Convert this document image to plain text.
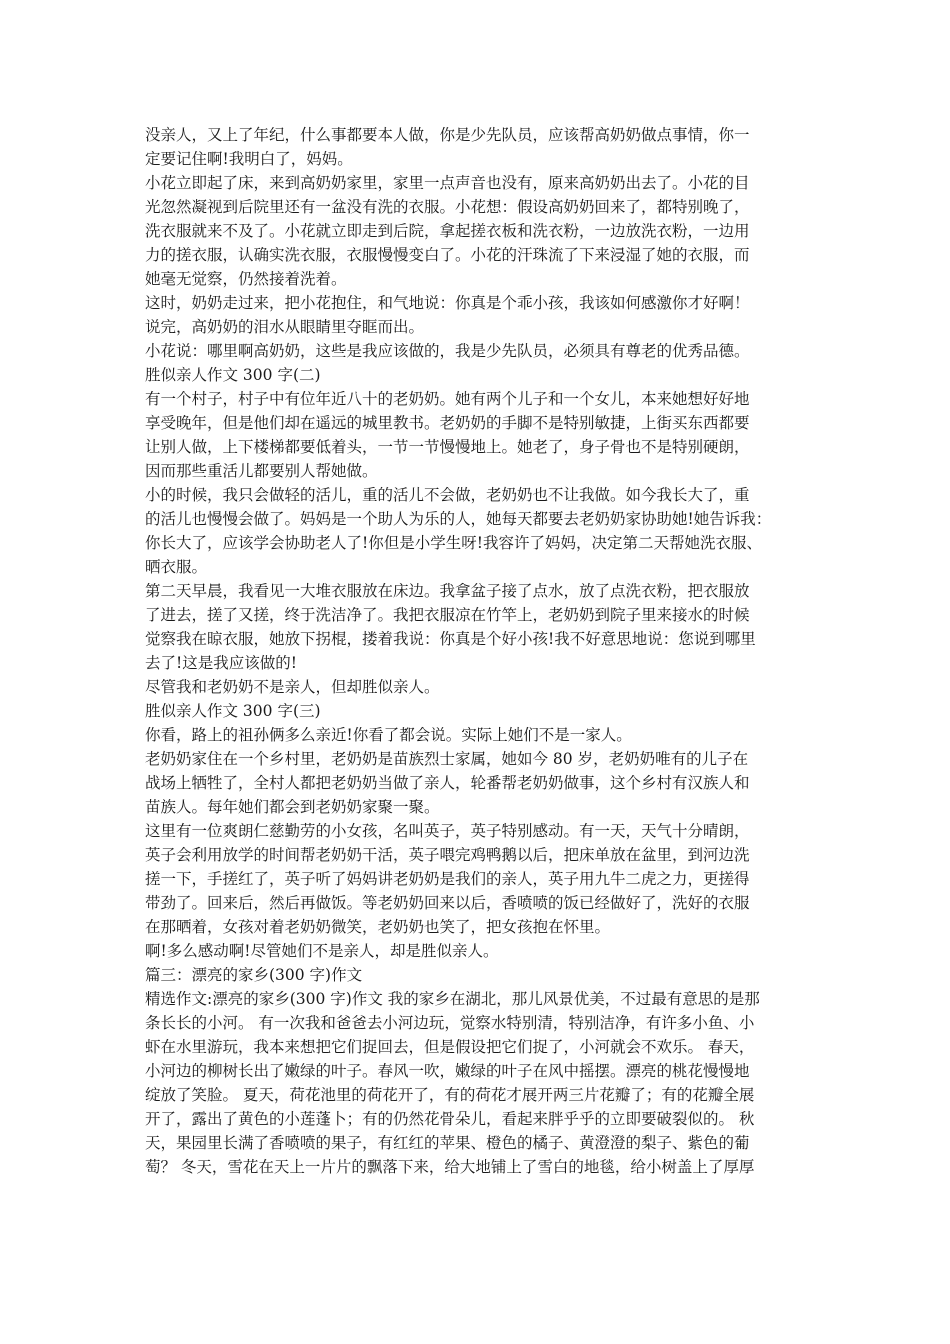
没亲人，又上了年纪，什么事都要本人做，你是少先队员，应该帮高奶奶做点事情，你一
定要记住啊!我明白了，妈妈。
小花立即起了床，来到高奶奶家里，家里一点声音也没有，原来高奶奶出去了。小花的目
光忽然凝视到后院里还有一盆没有洗的衣服。小花想：假设高奶奶回来了，都特别晚了，
洗衣服就来不及了。小花就立即走到后院，拿起搓衣板和洗衣粉，一边放洗衣粉，一边用
力的搓衣服，认确实洗衣服，衣服慢慢变白了。小花的汗珠流了下来浸湿了她的衣服，而
她毫无觉察，仍然接着洗着。
这时，奶奶走过来，把小花抱住，和气地说：你真是个乖小孩，我该如何感激你才好啊！
说完，高奶奶的泪水从眼睛里夺眶而出。
小花说：哪里啊高奶奶，这些是我应该做的，我是少先队员，必须具有尊老的优秀品德。
胜似亲人作文 300 字(二)
有一个村子，村子中有位年近八十的老奶奶。她有两个儿子和一个女儿，本来她想好好地
享受晚年，但是他们却在遥远的城里教书。老奶奶的手脚不是特别敏捷，上街买东西都要
让别人做，上下楼梯都要低着头，一节一节慢慢地上。她老了，身子骨也不是特别硬朗，
因而那些重活儿都要别人帮她做。
小的时候，我只会做轻的活儿，重的活儿不会做，老奶奶也不让我做。如今我长大了，重
的活儿也慢慢会做了。妈妈是一个助人为乐的人，她每天都要去老奶奶家协助她!她告诉我：
你长大了，应该学会协助老人了!你但是小学生呀!我容许了妈妈，决定第二天帮她洗衣服、
晒衣服。
第二天早晨，我看见一大堆衣服放在床边。我拿盆子接了点水，放了点洗衣粉，把衣服放
了进去，搓了又搓，终于洗洁净了。我把衣服凉在竹竿上，老奶奶到院子里来接水的时候
觉察我在晾衣服，她放下拐棍，搂着我说：你真是个好小孩!我不好意思地说：您说到哪里
去了!这是我应该做的!
尽管我和老奶奶不是亲人，但却胜似亲人。
胜似亲人作文 300 字(三)
你看，路上的祖孙俩多么亲近!你看了都会说。实际上她们不是一家人。
老奶奶家住在一个乡村里，老奶奶是苗族烈士家属，她如今 80 岁，老奶奶唯有的儿子在
战场上牺牲了，全村人都把老奶奶当做了亲人，轮番帮老奶奶做事，这个乡村有汉族人和
苗族人。每年她们都会到老奶奶家聚一聚。
这里有一位爽朗仁慈勤劳的小女孩，名叫英子，英子特别感动。有一天，天气十分晴朗，
英子会利用放学的时间帮老奶奶干活，英子喂完鸡鸭鹅以后，把床单放在盆里，到河边洗
搓一下，手搓红了，英子听了妈妈讲老奶奶是我们的亲人，英子用九牛二虎之力，更搓得
带劲了。回来后，然后再做饭。等老奶奶回来以后，香喷喷的饭已经做好了，洗好的衣服
在那晒着，女孩对着老奶奶微笑，老奶奶也笑了，把女孩抱在怀里。
啊!多么感动啊!尽管她们不是亲人，却是胜似亲人。
篇三：漂亮的家乡(300 字)作文
精选作文:漂亮的家乡(300 字)作文 我的家乡在湖北，那儿风景优美，不过最有意思的是那
条长长的小河。 有一次我和爸爸去小河边玩，觉察水特别清，特别洁净，有许多小鱼、小
虾在水里游玩，我本来想把它们捉回去，但是假设把它们捉了，小河就会不欢乐。 春天，
小河边的柳树长出了嫩绿的叶子。春风一吹，嫩绿的叶子在风中摇摆。漂亮的桃花慢慢地
绽放了笑脸。 夏天，荷花池里的荷花开了，有的荷花才展开两三片花瓣了；有的花瓣全展
开了，露出了黄色的小莲蓬卜；有的仍然花骨朵儿，看起来胖乎乎的立即要破裂似的。 秋
天，果园里长满了香喷喷的果子，有红红的苹果、橙色的橘子、黄澄澄的梨子、紫色的葡
萄？ 冬天，雪花在天上一片片的飘落下来，给大地铺上了雪白的地毯，给小树盖上了厚厚
